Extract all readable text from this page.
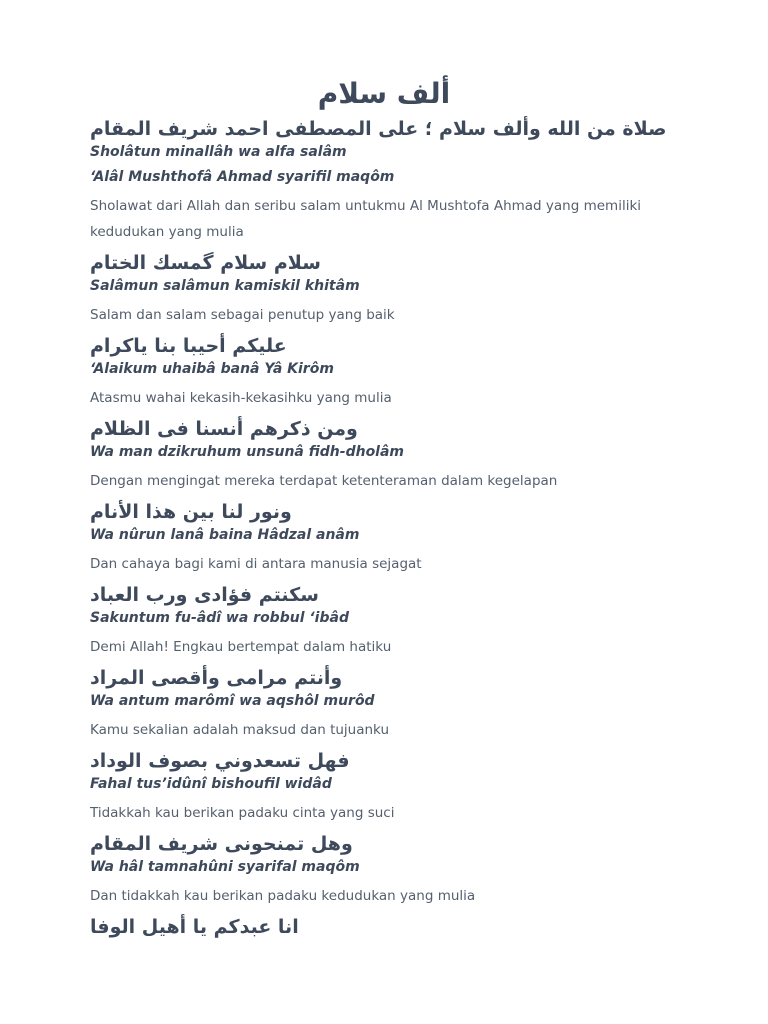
ألف سلام
صلاة من الله وألف سلام ؛ على المصطفى احمد شريف المقام
Sholâtun minallâh wa alfa salâm
‘Alâl Mushthofâ Ahmad syarifil maqôm
Sholawat dari Allah dan seribu salam untukmu Al Mushtofa Ahmad yang memiliki kedudukan yang mulia
سلام سلام گمسك الختام
Salâmun salâmun kamiskil khitâm
Salam dan salam sebagai penutup yang baik
عليكم أحيبا بنا ياكرام
‘Alaikum uhaibâ banâ Yâ Kirôm
Atasmu wahai kekasih-kekasihku yang mulia
ومن ذكرهم أنسنا فى الظلام
Wa man dzikruhum unsunâ fidh-dholâm
Dengan mengingat mereka terdapat ketenteraman dalam kegelapan
ونور لنا بين هذا الأنام
Wa nûrun lanâ baina Hâdzal anâm
Dan cahaya bagi kami di antara manusia sejagat
سكنتم فؤادى ورب العباد
Sakuntum fu-âdî wa robbul ‘ibâd
Demi Allah! Engkau bertempat dalam hatiku
وأنتم مرامى وأقصى المراد
Wa antum marômî wa aqshôl murôd
Kamu sekalian adalah maksud dan tujuanku
فهل تسعدوني بصوف الوداد
Fahal tus’idûnî bishoufil widâd
Tidakkah kau berikan padaku cinta yang suci
وهل تمنحونى شريف المقام
Wa hâl tamnahûni syarifal maqôm
Dan tidakkah kau berikan padaku kedudukan yang mulia
انا عبدكم يا أهيل الوفا
